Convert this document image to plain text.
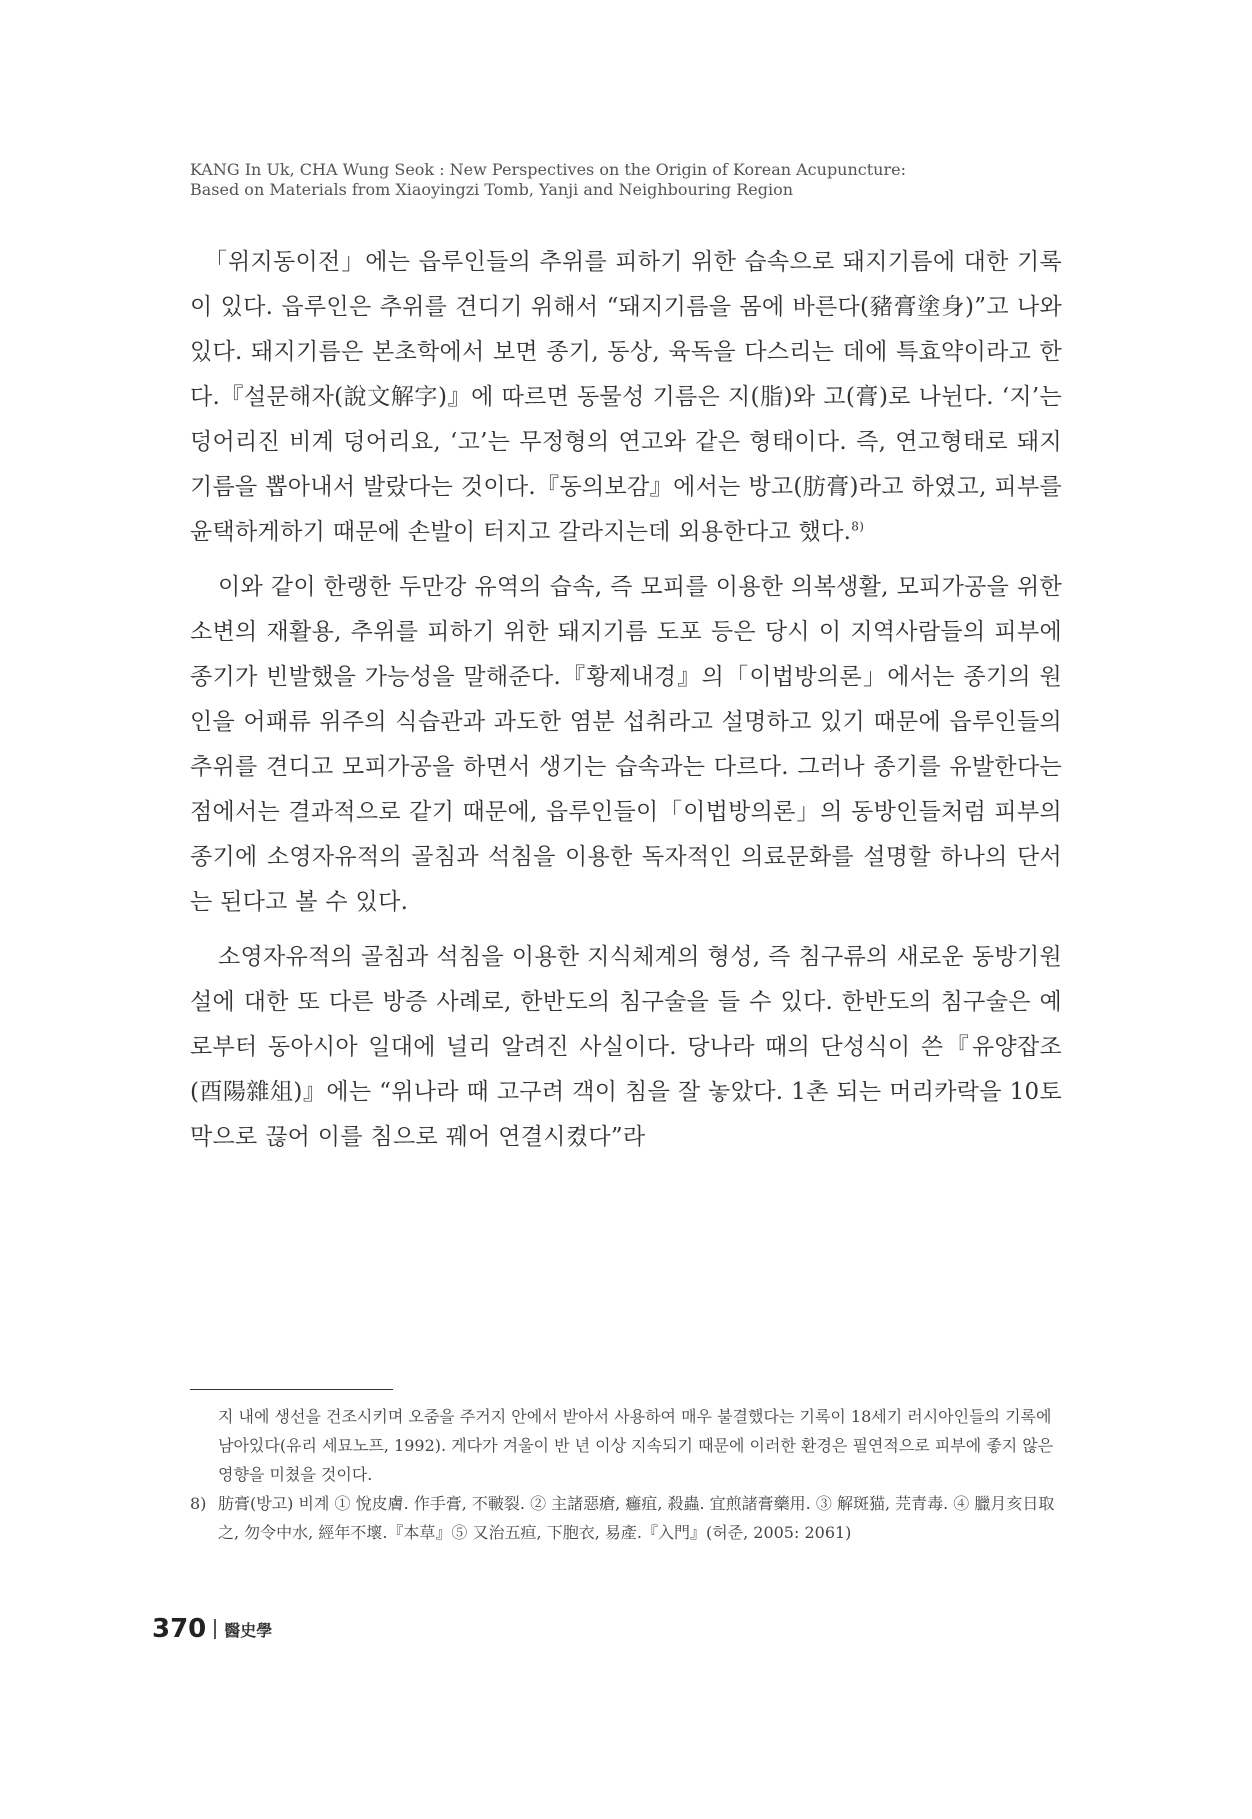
KANG In Uk, CHA Wung Seok : New Perspectives on the Origin of Korean Acupuncture:
Based on Materials from Xiaoyingzi Tomb, Yanji and Neighbouring Region

「위지동이전」에는 읍루인들의 추위를 피하기 위한 습속으로 돼지기름에 대한 기록이 있다. 읍루인은 추위를 견디기 위해서 “돼지기름을 몸에 바른다(豬膏塗身)”고 나와있다. 돼지기름은 본초학에서 보면 종기, 동상, 육독을 다스리는 데에 특효약이라고 한다.『설문해자(說文解字)』에 따르면 동물성 기름은 지(脂)와 고(膏)로 나뉜다. ‘지’는 덩어리진 비계 덩어리요, ‘고’는 무정형의 연고와 같은 형태이다. 즉, 연고형태로 돼지기름을 뽑아내서 발랐다는 것이다.『동의보감』에서는 방고(肪膏)라고 하였고, 피부를 윤택하게하기 때문에 손발이 터지고 갈라지는데 외용한다고 했다.$^{8)}$

이와 같이 한랭한 두만강 유역의 습속, 즉 모피를 이용한 의복생활, 모피가공을 위한 소변의 재활용, 추위를 피하기 위한 돼지기름 도포 등은 당시 이 지역사람들의 피부에 종기가 빈발했을 가능성을 말해준다.『황제내경』의「이법방의론」에서는 종기의 원인을 어패류 위주의 식습관과 과도한 염분 섭취라고 설명하고 있기 때문에 읍루인들의 추위를 견디고 모피가공을 하면서 생기는 습속과는 다르다. 그러나 종기를 유발한다는 점에서는 결과적으로 같기 때문에, 읍루인들이「이법방의론」의 동방인들처럼 피부의 종기에 소영자유적의 골침과 석침을 이용한 독자적인 의료문화를 설명할 하나의 단서는 된다고 볼 수 있다.

소영자유적의 골침과 석침을 이용한 지식체계의 형성, 즉 침구류의 새로운 동방기원설에 대한 또 다른 방증 사례로, 한반도의 침구술을 들 수 있다. 한반도의 침구술은 예로부터 동아시아 일대에 널리 알려진 사실이다. 당나라 때의 단성식이 쓴『유양잡조(酉陽雜俎)』에는 “위나라 때 고구려 객이 침을 잘 놓았다. 1촌 되는 머리카락을 10토막으로 끊어 이를 침으로 꿰어 연결시켰다”라

지 내에 생선을 건조시키며 오줌을 주거지 안에서 받아서 사용하여 매우 불결했다는 기록이 18세기 러시아인들의 기록에 남아있다(유리 세묘노프, 1992). 게다가 겨울이 반 년 이상 지속되기 때문에 이러한 환경은 필연적으로 피부에 좋지 않은 영향을 미쳤을 것이다.
8) 肪膏(방고) 비계 ① 悅皮膚. 作手膏, 不皸裂. ② 主諸惡瘡, 癰疽, 殺蟲. 宜煎諸膏藥用. ③ 解斑猫, 芫青毒. ④ 臘月亥日取之, 勿令中水, 經年不壞.『本草』⑤ 又治五疸, 下胞衣, 易產.『入門』(허준, 2005: 2061)
370 醫史學
